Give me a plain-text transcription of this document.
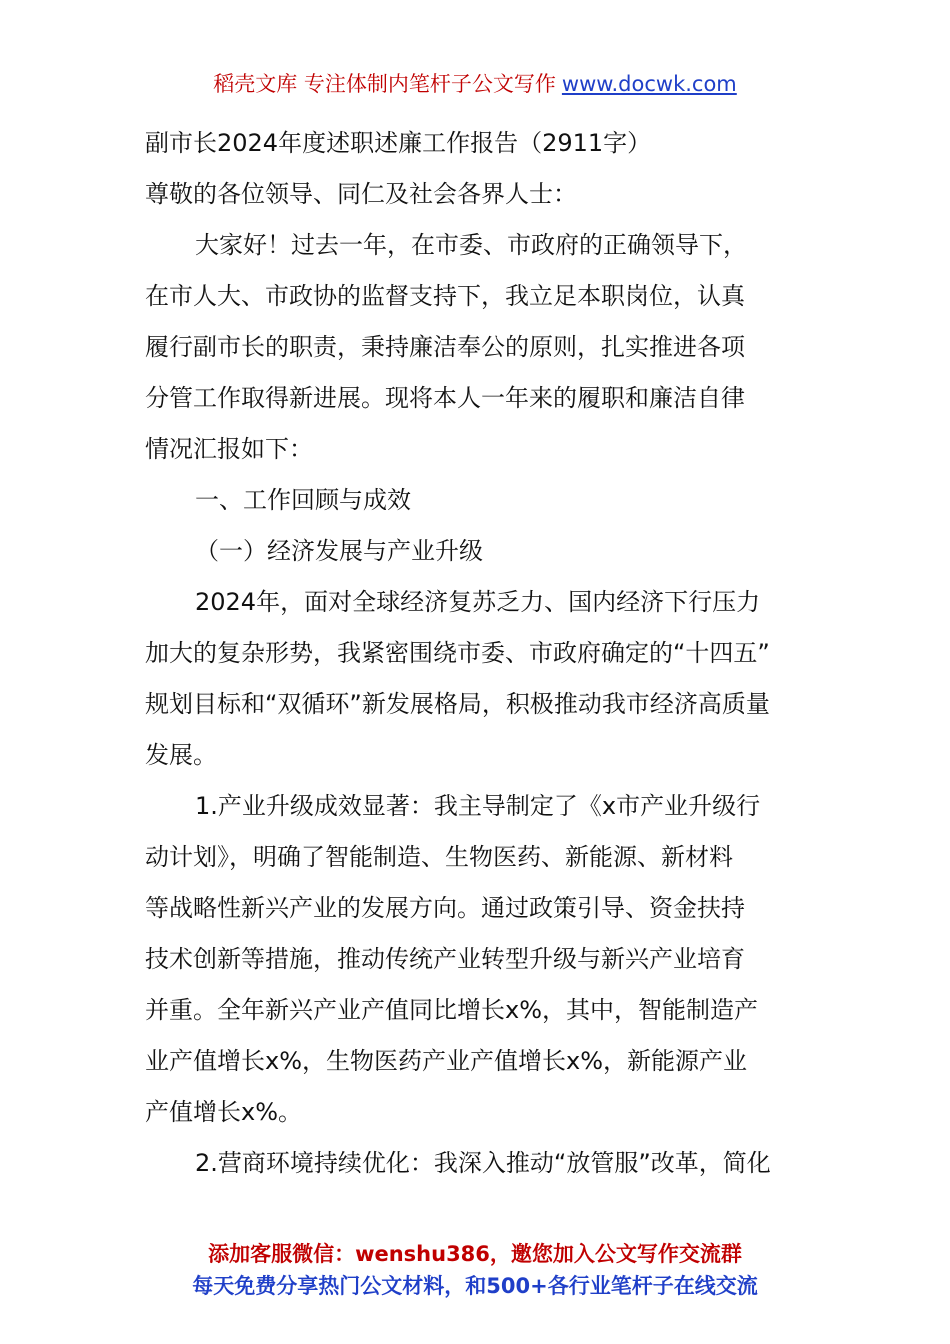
稻壳文库 专注体制内笔杆子公文写作 www.docwk.com
副市长2024年度述职述廉工作报告（2911字）
尊敬的各位领导、同仁及社会各界人士：
大家好！过去一年，在市委、市政府的正确领导下，
在市人大、市政协的监督支持下，我立足本职岗位，认真
履行副市长的职责，秉持廉洁奉公的原则，扎实推进各项
分管工作取得新进展。现将本人一年来的履职和廉洁自律
情况汇报如下：
一、工作回顾与成效
（一）经济发展与产业升级
2024年，面对全球经济复苏乏力、国内经济下行压力
加大的复杂形势，我紧密围绕市委、市政府确定的“十四五”
规划目标和“双循环”新发展格局，积极推动我市经济高质量
发展。
1.产业升级成效显著：我主导制定了《x市产业升级行
动计划》，明确了智能制造、生物医药、新能源、新材料
等战略性新兴产业的发展方向。通过政策引导、资金扶持
技术创新等措施，推动传统产业转型升级与新兴产业培育
并重。全年新兴产业产值同比增长x%，其中，智能制造产
业产值增长x%，生物医药产业产值增长x%，新能源产业
产值增长x%。
2.营商环境持续优化：我深入推动“放管服”改革，简化
添加客服微信：wenshu386，邀您加入公文写作交流群
每天免费分享热门公文材料，和500+各行业笔杆子在线交流
